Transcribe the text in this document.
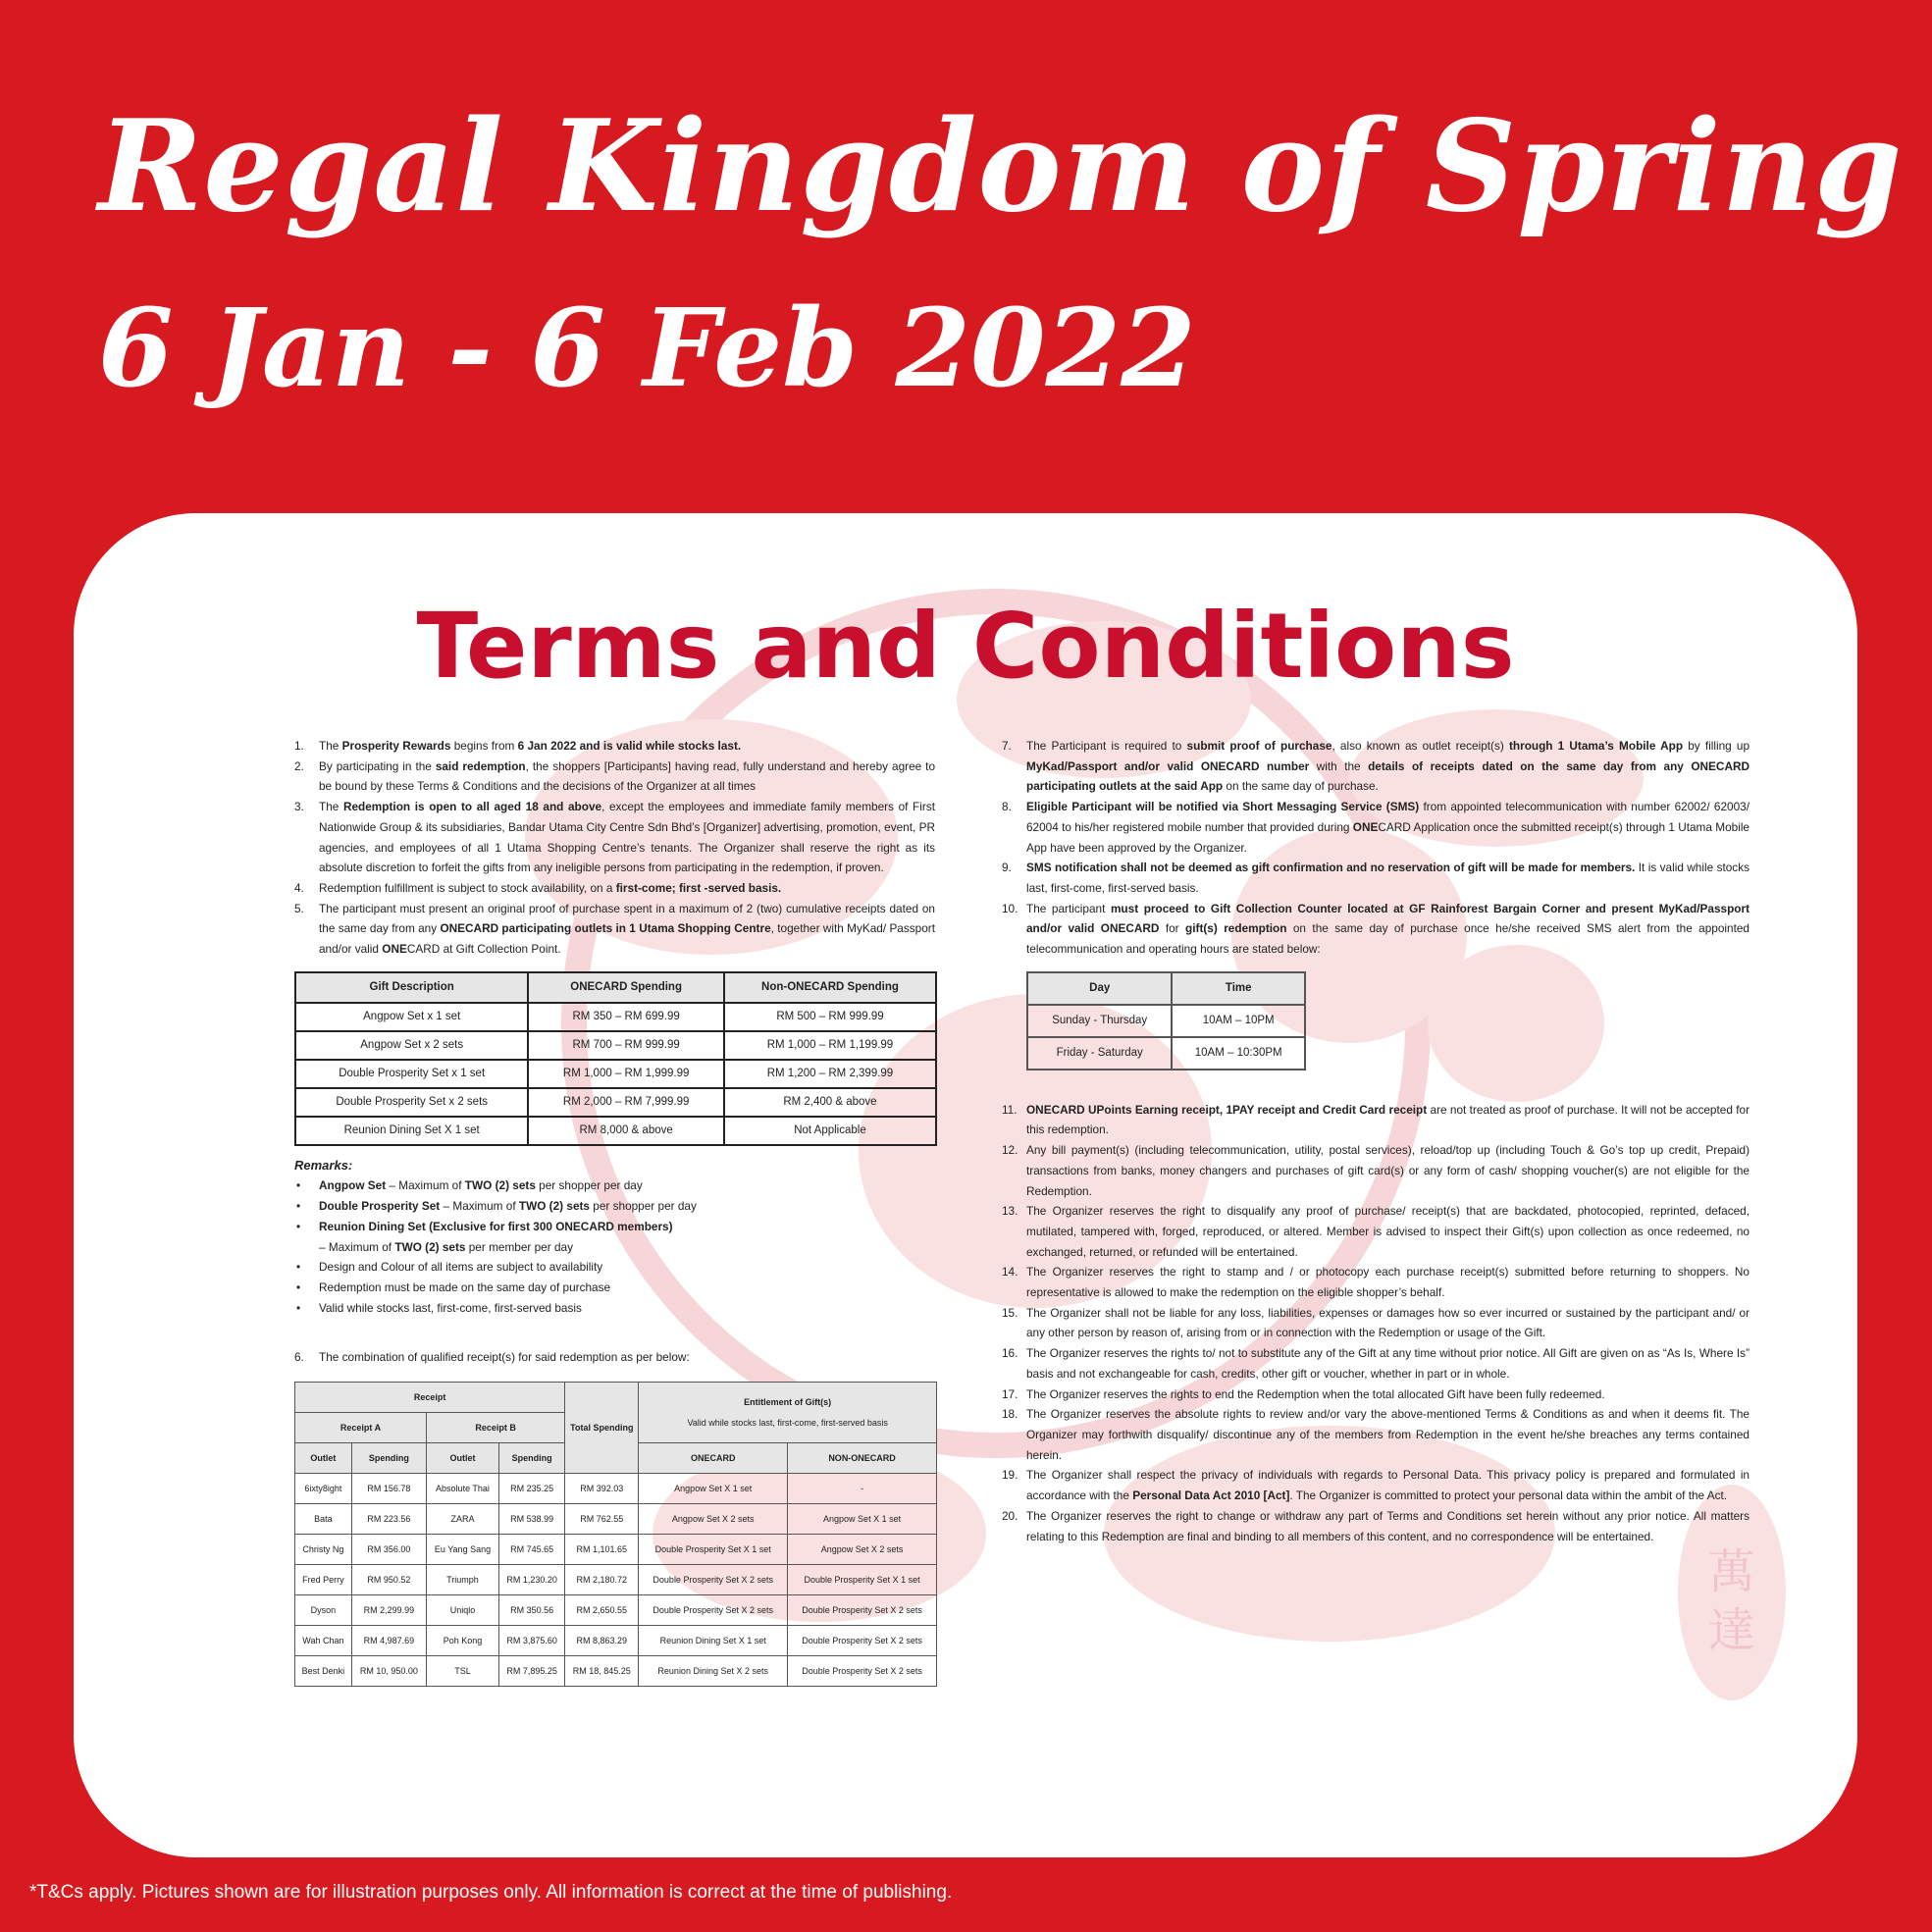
Regal Kingdom of Spring
6 Jan - 6 Feb 2022
萬
達
Terms and Conditions
1. The Prosperity Rewards begins from 6 Jan 2022 and is valid while stocks last.
2. By participating in the said redemption, the shoppers [Participants] having read, fully understand and hereby agree to be bound by these Terms & Conditions and the decisions of the Organizer at all times
3. The Redemption is open to all aged 18 and above, except the employees and immediate family members of First Nationwide Group & its subsidiaries, Bandar Utama City Centre Sdn Bhd’s [Organizer] advertising, promotion, event, PR agencies, and employees of all 1 Utama Shopping Centre’s tenants. The Organizer shall reserve the right as its absolute discretion to forfeit the gifts from any ineligible persons from participating in the redemption, if proven.
4. Redemption fulfillment is subject to stock availability, on a first-come; first -served basis.
5. The participant must present an original proof of purchase spent in a maximum of 2 (two) cumulative receipts dated on the same day from any ONECARD participating outlets in 1 Utama Shopping Centre, together with MyKad/ Passport and/or valid ONECARD at Gift Collection Point.
Gift Description	ONECARD Spending	Non-ONECARD Spending
Angpow Set x 1 set	RM 350 – RM 699.99	RM 500 – RM 999.99
Angpow Set x 2 sets	RM 700 – RM 999.99	RM 1,000 – RM 1,199.99
Double Prosperity Set x 1 set	RM 1,000 – RM 1,999.99	RM 1,200 – RM 2,399.99
Double Prosperity Set x 2 sets	RM 2,000 – RM 7,999.99	RM 2,400 & above
Reunion Dining Set X 1 set	RM 8,000 & above	Not Applicable
Remarks:
• Angpow Set – Maximum of TWO (2) sets per shopper per day
• Double Prosperity Set – Maximum of TWO (2) sets per shopper per day
• Reunion Dining Set (Exclusive for first 300 ONECARD members)
– Maximum of TWO (2) sets per member per day
• Design and Colour of all items are subject to availability
• Redemption must be made on the same day of purchase
• Valid while stocks last, first-come, first-served basis
6. The combination of qualified receipt(s) for said redemption as per below:
Receipt				Total Spending	Entitlement of Gift(s)
Valid while stocks last, first-come, first-served basis	

Receipt A		Receipt B				
Outlet	Spending	Outlet	Spending		ONECARD	NON-ONECARD
6ixty8ight	RM 156.78	Absolute Thai	RM 235.25	RM 392.03	Angpow Set X 1 set	-
Bata	RM 223.56	ZARA	RM 538.99	RM 762.55	Angpow Set X 2 sets	Angpow Set X 1 set
Christy Ng	RM 356.00	Eu Yang Sang	RM 745.65	RM 1,101.65	Double Prosperity Set X 1 set	Angpow Set X 2 sets
Fred Perry	RM 950.52	Triumph	RM 1,230.20	RM 2,180.72	Double Prosperity Set X 2 sets	Double Prosperity Set X 1 set
Dyson	RM 2,299.99	Uniqlo	RM 350.56	RM 2,650.55	Double Prosperity Set X 2 sets	Double Prosperity Set X 2 sets
Wah Chan	RM 4,987.69	Poh Kong	RM 3,875.60	RM 8,863.29	Reunion Dining Set X 1 set	Double Prosperity Set X 2 sets
Best Denki	RM 10, 950.00	TSL	RM 7,895.25	RM 18, 845.25	Reunion Dining Set X 2 sets	Double Prosperity Set X 2 sets
7. The Participant is required to submit proof of purchase, also known as outlet receipt(s) through 1 Utama’s Mobile App by filling up MyKad/Passport and/or valid ONECARD number with the details of receipts dated on the same day from any ONECARD participating outlets at the said App on the same day of purchase.
8. Eligible Participant will be notified via Short Messaging Service (SMS) from appointed telecommunication with number 62002/ 62003/ 62004 to his/her registered mobile number that provided during ONECARD Application once the submitted receipt(s) through 1 Utama Mobile App have been approved by the Organizer.
9. SMS notification shall not be deemed as gift confirmation and no reservation of gift will be made for members. It is valid while stocks last, first-come, first-served basis.
10. The participant must proceed to Gift Collection Counter located at GF Rainforest Bargain Corner and present MyKad/Passport and/or valid ONECARD for gift(s) redemption on the same day of purchase once he/she received SMS alert from the appointed telecommunication and operating hours are stated below:
Day	Time
Sunday - Thursday	10AM – 10PM
Friday - Saturday	10AM – 10:30PM
11. ONECARD UPoints Earning receipt, 1PAY receipt and Credit Card receipt are not treated as proof of purchase. It will not be accepted for this redemption.
12. Any bill payment(s) (including telecommunication, utility, postal services), reload/top up (including Touch & Go’s top up credit, Prepaid) transactions from banks, money changers and purchases of gift card(s) or any form of cash/ shopping voucher(s) are not eligible for the Redemption.
13. The Organizer reserves the right to disqualify any proof of purchase/ receipt(s) that are backdated, photocopied, reprinted, defaced, mutilated, tampered with, forged, reproduced, or altered. Member is advised to inspect their Gift(s) upon collection as once redeemed, no exchanged, returned, or refunded will be entertained.
14. The Organizer reserves the right to stamp and / or photocopy each purchase receipt(s) submitted before returning to shoppers. No representative is allowed to make the redemption on the eligible shopper’s behalf.
15. The Organizer shall not be liable for any loss, liabilities, expenses or damages how so ever incurred or sustained by the participant and/ or any other person by reason of, arising from or in connection with the Redemption or usage of the Gift.
16. The Organizer reserves the rights to/ not to substitute any of the Gift at any time without prior notice. All Gift are given on as “As Is, Where Is” basis and not exchangeable for cash, credits, other gift or voucher, whether in part or in whole.
17. The Organizer reserves the rights to end the Redemption when the total allocated Gift have been fully redeemed.
18. The Organizer reserves the absolute rights to review and/or vary the above-mentioned Terms & Conditions as and when it deems fit. The Organizer may forthwith disqualify/ discontinue any of the members from Redemption in the event he/she breaches any terms contained herein.
19. The Organizer shall respect the privacy of individuals with regards to Personal Data. This privacy policy is prepared and formulated in accordance with the Personal Data Act 2010 [Act]. The Organizer is committed to protect your personal data within the ambit of the Act.
20. The Organizer reserves the right to change or withdraw any part of Terms and Conditions set herein without any prior notice. All matters relating to this Redemption are final and binding to all members of this content, and no correspondence will be entertained.
*T&Cs apply. Pictures shown are for illustration purposes only. All information is correct at the time of publishing.
